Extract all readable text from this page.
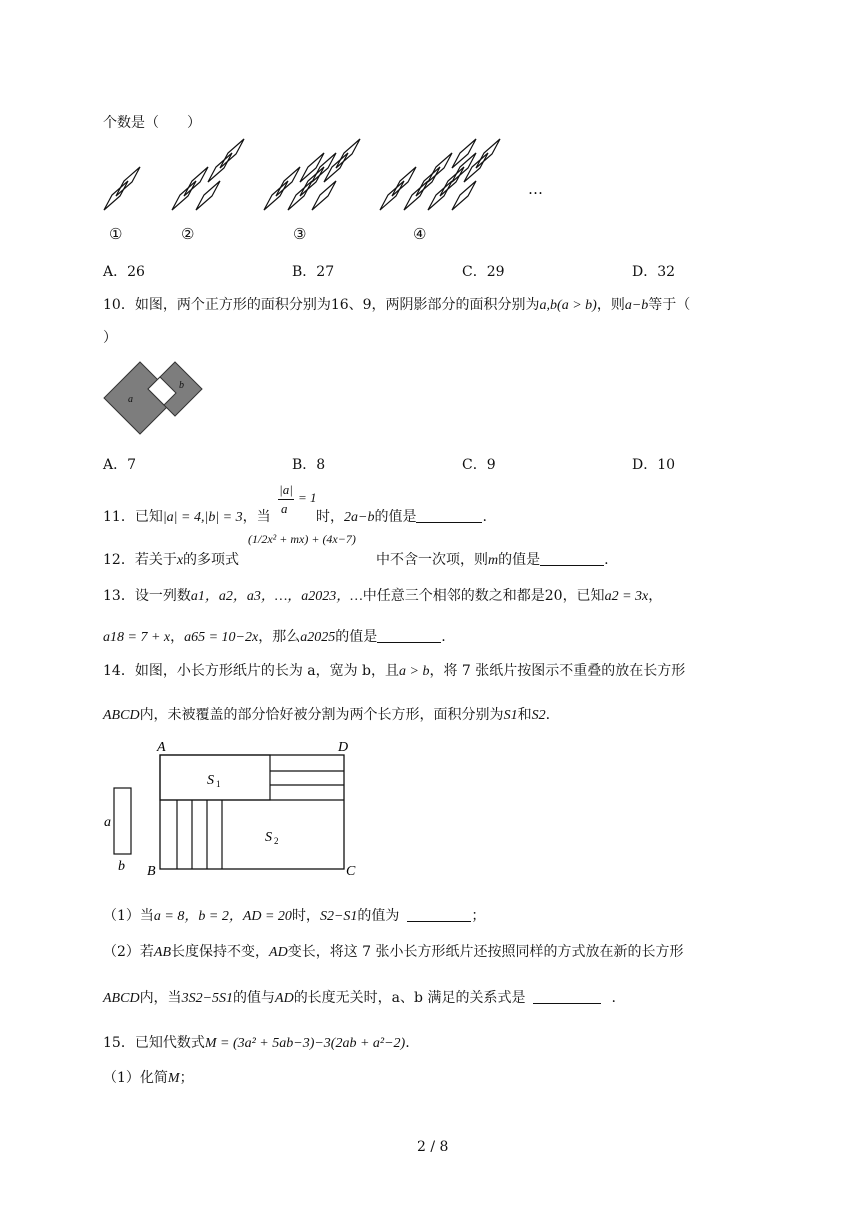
个数是（　　）
①	②	③	④
…
A．26	B．27	C．29	D．32
10．如图，两个正方形的面积分别为16、9，两阴影部分的面积分别为a,b(a > b)，则a−b等于（
）
a
b
A．7	B．8	C．9	D．10
11．已知|a| = 4,|b| = 3，当
|a|
a
= 1
时，2a−b的值是	.
12．若关于x的多项式
(1/2x² + mx) + (4x−7)
中不含一次项，则m的值是	.
13．设一列数a1，a2，a3，…，a2023，…中任意三个相邻的数之和都是20，已知a2 = 3x，
a18 = 7 + x，a65 = 10−2x，那么a2025的值是	.
14．如图，小长方形纸片的长为 a，宽为 b，且a > b，将 7 张纸片按图示不重叠的放在长方形
ABCD内，未被覆盖的部分恰好被分割为两个长方形，面积分别为S1和S2.
A	D
B	C
S 1
S 2
a
b
（1）当a = 8，b = 2，AD = 20时，S2−S1的值为	；
（2）若AB长度保持不变，AD变长，将这 7 张小长方形纸片还按照同样的方式放在新的长方形
ABCD内，当3S2−5S1的值与AD的长度无关时，a、b 满足的关系式是	.
15．已知代数式M = (3a² + 5ab−3)−3(2ab + a²−2).
（1）化简M；
2 / 8
